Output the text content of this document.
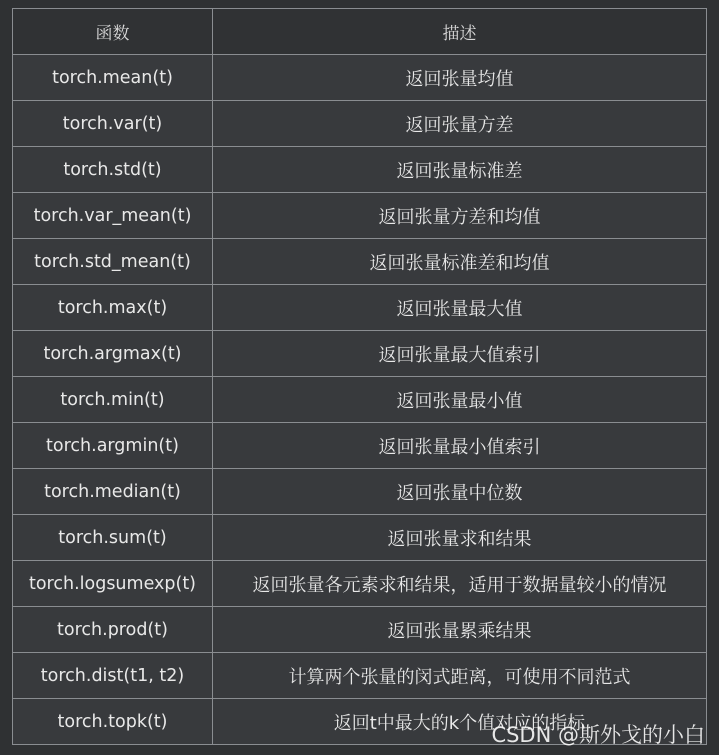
函数	描述
torch.mean(t)	返回张量均值
torch.var(t)	返回张量方差
torch.std(t)	返回张量标准差
torch.var_mean(t)	返回张量方差和均值
torch.std_mean(t)	返回张量标准差和均值
torch.max(t)	返回张量最大值
torch.argmax(t)	返回张量最大值索引
torch.min(t)	返回张量最小值
torch.argmin(t)	返回张量最小值索引
torch.median(t)	返回张量中位数
torch.sum(t)	返回张量求和结果
torch.logsumexp(t)	返回张量各元素求和结果，适用于数据量较小的情况
torch.prod(t)	返回张量累乘结果
torch.dist(t1, t2)	计算两个张量的闵式距离，可使用不同范式
torch.topk(t)	返回t中最大的k个值对应的指标
CSDN @斯外戈的小白
